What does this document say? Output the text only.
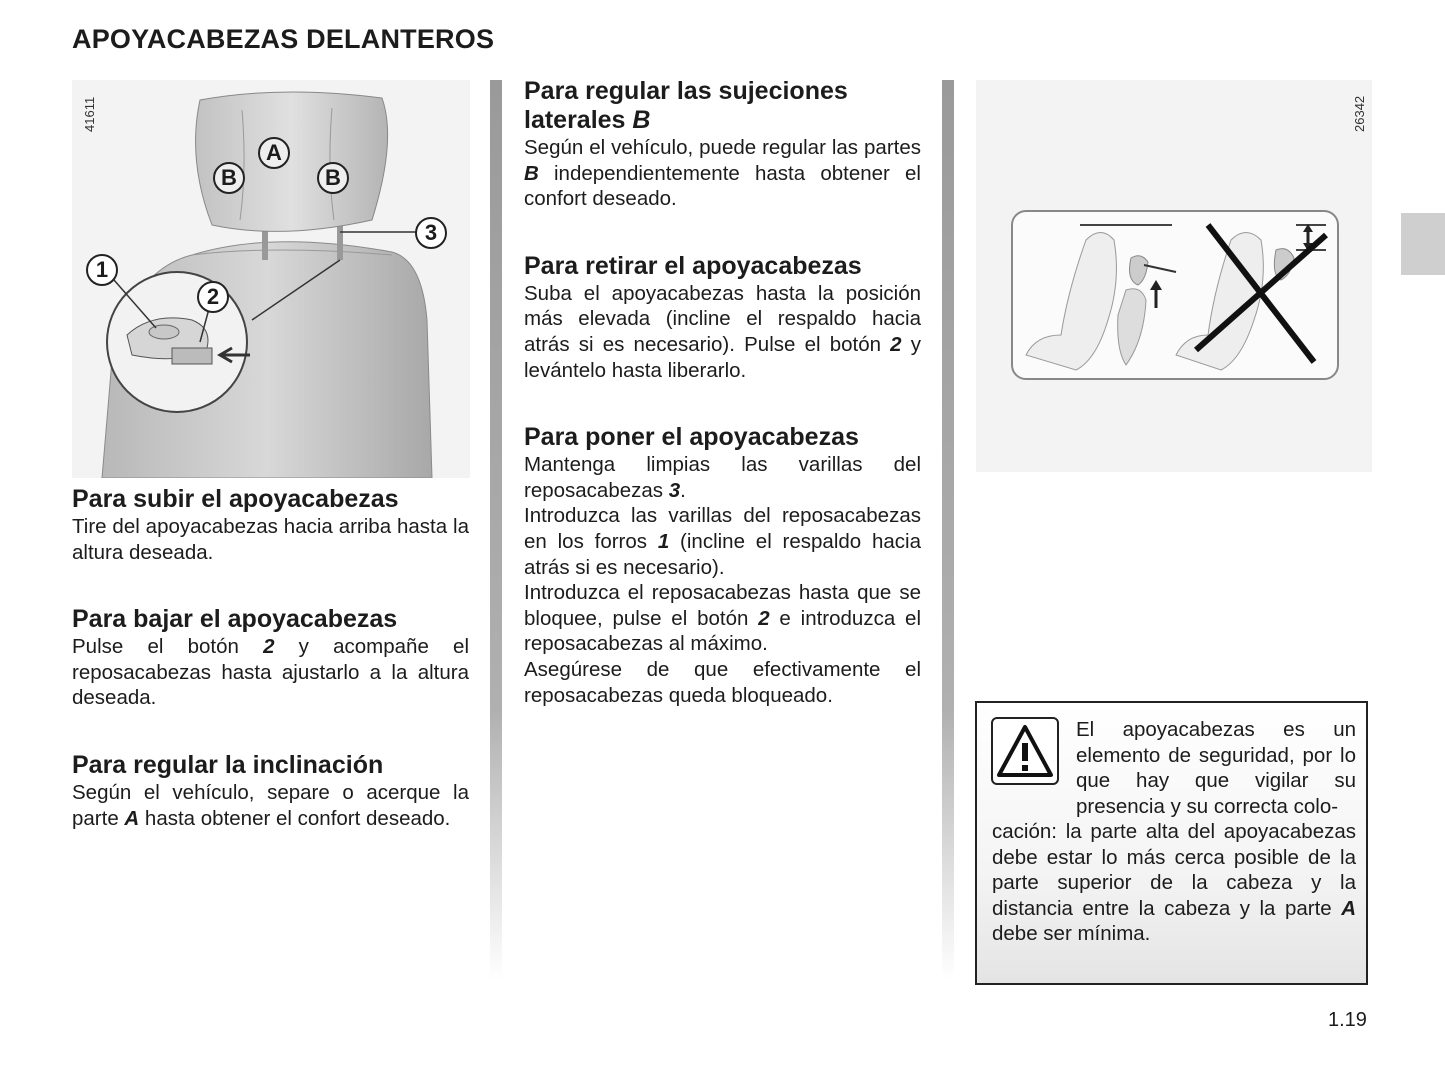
APOYACABEZAS DELANTEROS
41611
A
B	B
1
2
3
Para subir el apoyacabezas

Tire del apoyacabezas hacia arriba hasta la altura deseada.

Para bajar el apoyacabezas

Pulse el botón 2 y acompañe el reposacabezas hasta ajustarlo a la altura deseada.

Para regular la inclinación

Según el vehículo, separe o acerque la parte A hasta obtener el confort deseado.

Para regular las sujeciones laterales B

Según el vehículo, puede regular las partes B independientemente hasta obtener el confort deseado.

Para retirar el apoyacabezas

Suba el apoyacabezas hasta la posición más elevada (incline el respaldo hacia atrás si es necesario). Pulse el botón 2 y levántelo hasta liberarlo.

Para poner el apoyacabezas

Mantenga limpias las varillas del reposacabezas 3.

Introduzca las varillas del reposacabezas en los forros 1 (incline el respaldo hacia atrás si es necesario).

Introduzca el reposacabezas hasta que se bloquee, pulse el botón 2 e introduzca el reposacabezas al máximo.

Asegúrese de que efectivamente el reposacabezas queda bloqueado.

26342
El apoyacabezas es un elemento de seguridad, por lo que hay que vigilar su presencia y su correcta colo-
cación: la parte alta del apoyacabezas debe estar lo más cerca posible de la parte superior de la cabeza y la distancia entre la cabeza y la parte A debe ser mínima.
1.19
